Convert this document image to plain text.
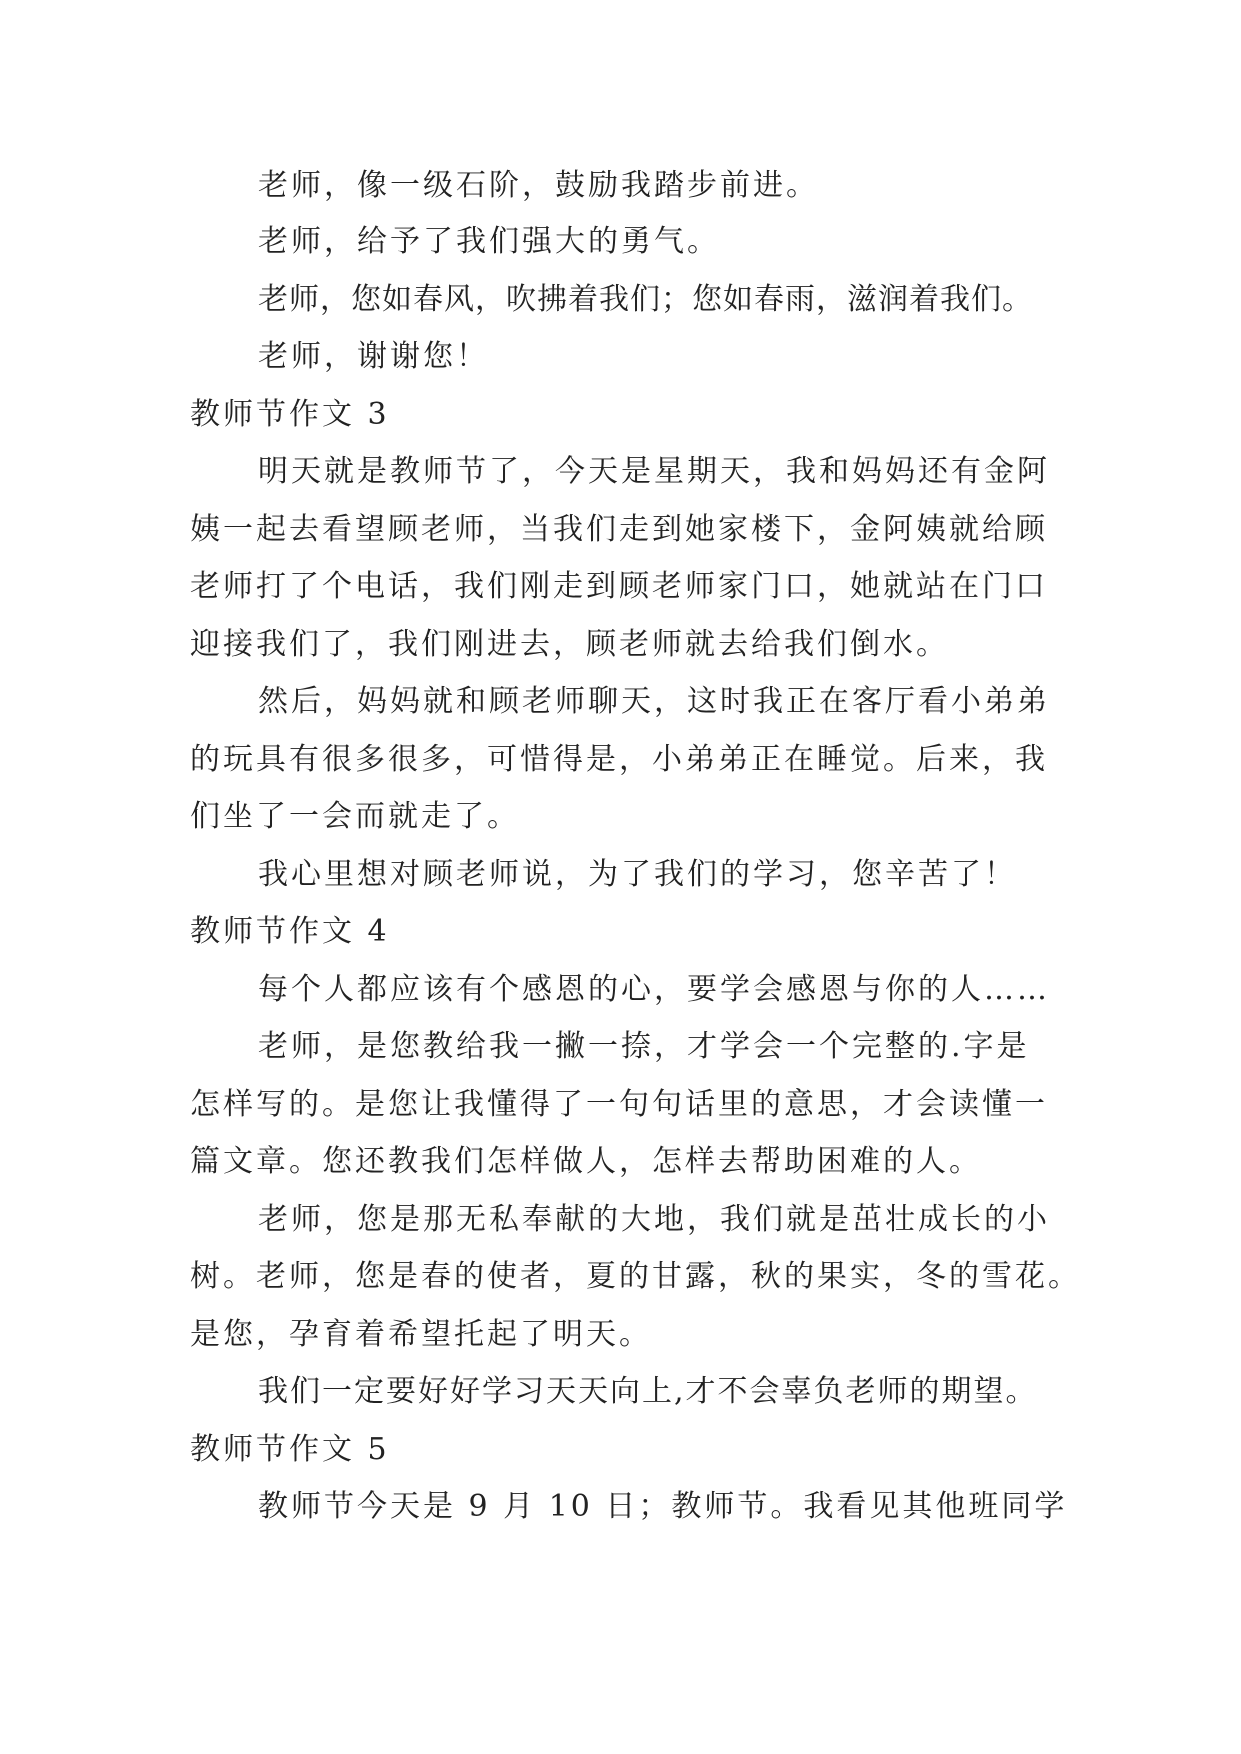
老师，像一级石阶，鼓励我踏步前进。
老师，给予了我们强大的勇气。
老师，您如春风，吹拂着我们；您如春雨，滋润着我们。
老师，谢谢您！
教师节作文 3
明天就是教师节了，今天是星期天，我和妈妈还有金阿
姨一起去看望顾老师，当我们走到她家楼下，金阿姨就给顾
老师打了个电话，我们刚走到顾老师家门口，她就站在门口
迎接我们了，我们刚进去，顾老师就去给我们倒水。
然后，妈妈就和顾老师聊天，这时我正在客厅看小弟弟
的玩具有很多很多，可惜得是，小弟弟正在睡觉。后来，我
们坐了一会而就走了。
我心里想对顾老师说，为了我们的学习，您辛苦了！
教师节作文 4
每个人都应该有个感恩的心，要学会感恩与你的人……
老师，是您教给我一撇一捺，才学会一个完整的.字是
怎样写的。是您让我懂得了一句句话里的意思，才会读懂一
篇文章。您还教我们怎样做人，怎样去帮助困难的人。
老师，您是那无私奉献的大地，我们就是茁壮成长的小
树。老师，您是春的使者，夏的甘露，秋的果实，冬的雪花。
是您，孕育着希望托起了明天。
我们一定要好好学习天天向上,才不会辜负老师的期望。
教师节作文 5
教师节今天是 9 月 10 日；教师节。我看见其他班同学
